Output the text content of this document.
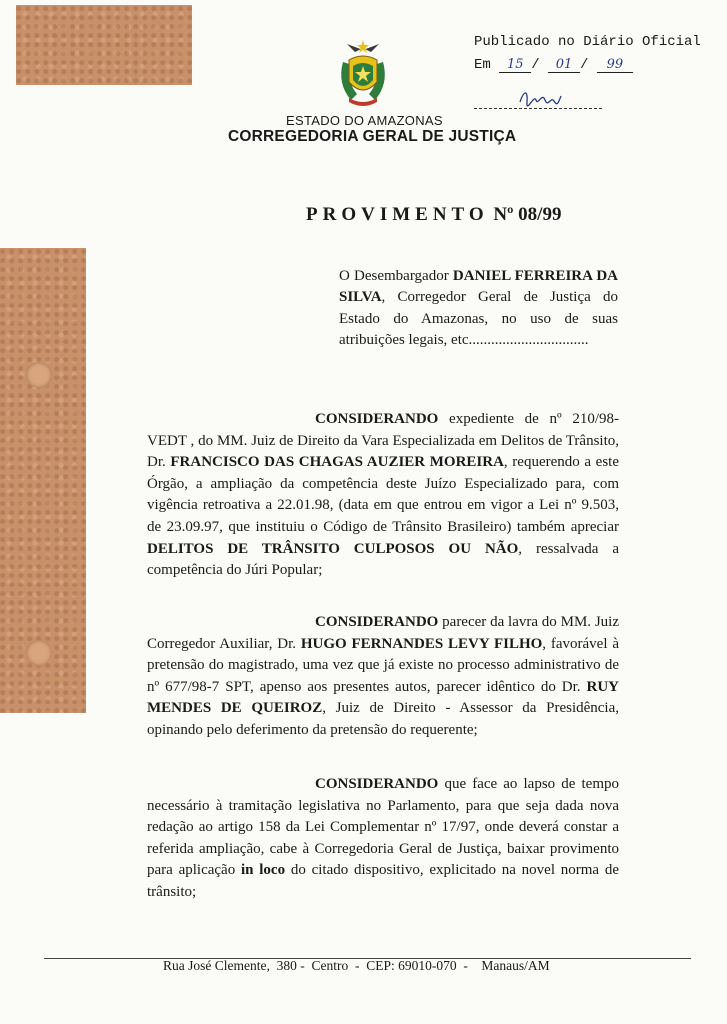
Publicado no Diário Oficial
Em 15 / 01 / 99
ESTADO DO AMAZONAS
CORREGEDORIA GERAL DE JUSTIÇA
PROVIMENTO Nº 08/99
O Desembargador DANIEL FERREIRA DA SILVA, Corregedor Geral de Justiça do Estado do Amazonas, no uso de suas atribuições legais, etc................................
CONSIDERANDO expediente de nº 210/98-VEDT , do MM. Juiz de Direito da Vara Especializada em Delitos de Trânsito, Dr. FRANCISCO DAS CHAGAS AUZIER MOREIRA, requerendo a este Órgão, a ampliação da competência deste Juízo Especializado para, com vigência retroativa a 22.01.98, (data em que entrou em vigor a Lei nº 9.503, de 23.09.97, que instituiu o Código de Trânsito Brasileiro) também apreciar DELITOS DE TRÂNSITO CULPOSOS OU NÃO, ressalvada a competência do Júri Popular;
CONSIDERANDO parecer da lavra do MM. Juiz Corregedor Auxiliar, Dr. HUGO FERNANDES LEVY FILHO, favorável à pretensão do magistrado, uma vez que já existe no processo administrativo de nº 677/98-7 SPT, apenso aos presentes autos, parecer idêntico do Dr. RUY MENDES DE QUEIROZ, Juiz de Direito - Assessor da Presidência, opinando pelo deferimento da pretensão do requerente;
CONSIDERANDO que face ao lapso de tempo necessário à tramitação legislativa no Parlamento, para que seja dada nova redação ao artigo 158 da Lei Complementar nº 17/97, onde deverá constar a referida ampliação, cabe à Corregedoria Geral de Justiça, baixar provimento para aplicação in loco do citado dispositivo, explicitado na novel norma de trânsito;
Rua José Clemente,  380 -  Centro  -  CEP: 69010-070  -    Manaus/AM
